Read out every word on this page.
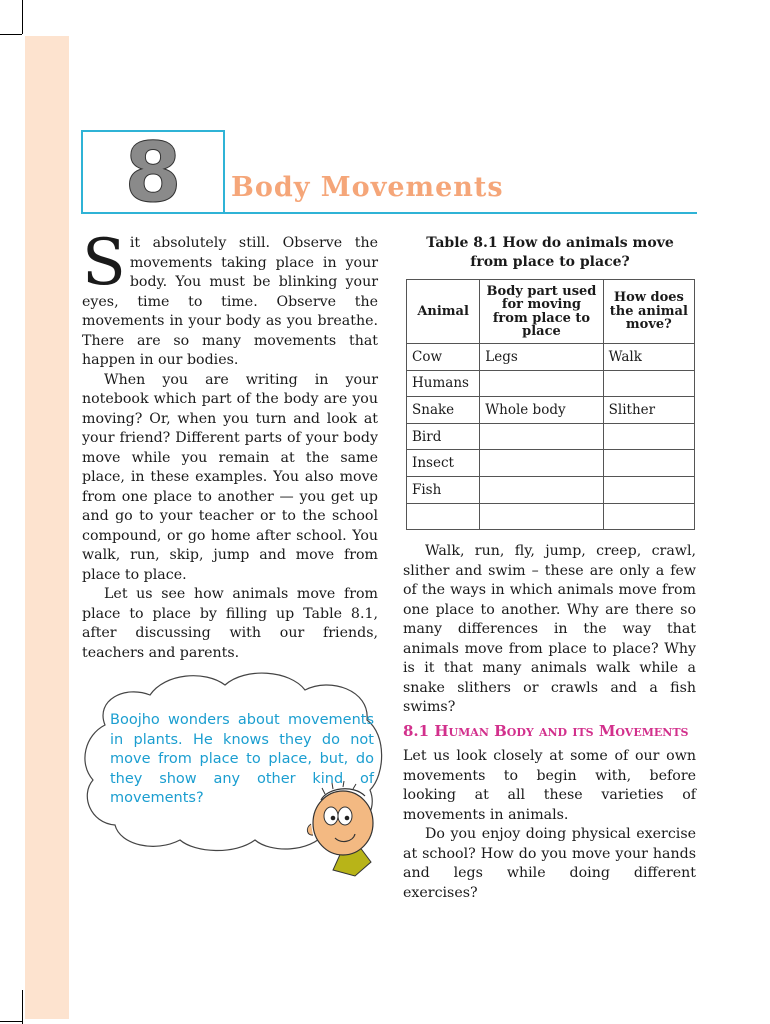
8	Body Movements

Sit absolutely still. Observe the movements taking place in your body. You must be blinking your eyes, time to time. Observe the movements in your body as you breathe. There are so many movements that happen in our bodies.

When you are writing in your notebook which part of the body are you moving? Or, when you turn and look at your friend? Different parts of your body move while you remain at the same place, in these examples. You also move from one place to another — you get up and go to your teacher or to the school compound, or go home after school. You walk, run, skip, jump and move from place to place.

Let us see how animals move from place to place by filling up Table 8.1, after discussing with our friends, teachers and parents.

Boojho wonders about movements in plants. He knows they do not move from place to place, but, do they show any other kind of movements?
Table 8.1 How do animals move
from place to place?
Animal	Body part used for moving from place to place	How does the animal move?
Cow	Legs	Walk
Humans		
Snake	Whole body	Slither
Bird		
Insect		
Fish		

Walk, run, fly, jump, creep, crawl, slither and swim – these are only a few of the ways in which animals move from one place to another. Why are there so many differences in the way that animals move from place to place? Why is it that many animals walk while a snake slithers or crawls and a fish swims?

8.1 Human Body and its Movements

Let us look closely at some of our own movements to begin with, before looking at all these varieties of movements in animals.

Do you enjoy doing physical exercise at school? How do you move your hands and legs while doing different exercises?
